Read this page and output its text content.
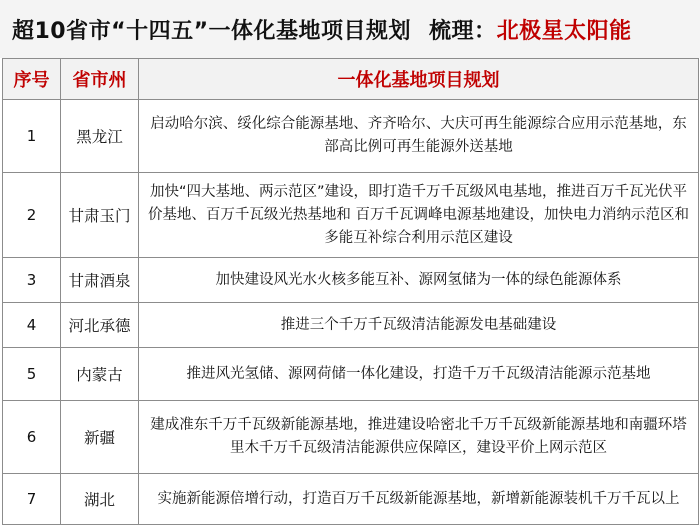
超10省市“十四五”一体化基地项目规划 梳理： 北极星太阳能
序号	省市州	一体化基地项目规划
1	黑龙江	启动哈尔滨、绥化综合能源基地、齐齐哈尔、大庆可再生能源综合应用示范基地，东部高比例可再生能源外送基地
2	甘肃玉门	加快“四大基地、两示范区”建设，即打造千万千瓦级风电基地，推进百万千瓦光伏平价基地、百万千瓦级光热基地和 百万千瓦调峰电源基地建设，加快电力消纳示范区和多能互补综合利用示范区建设
3	甘肃酒泉	加快建设风光水火核多能互补、源网氢储为一体的绿色能源体系
4	河北承德	推进三个千万千瓦级清洁能源发电基础建设
5	内蒙古	推进风光氢储、源网荷储一体化建设，打造千万千瓦级清洁能源示范基地
6	新疆	建成准东千万千瓦级新能源基地，推进建设哈密北千万千瓦级新能源基地和南疆环塔里木千万千瓦级清洁能源供应保障区，建设平价上网示范区
7	湖北	实施新能源倍增行动，打造百万千瓦级新能源基地，新增新能源装机千万千瓦以上
